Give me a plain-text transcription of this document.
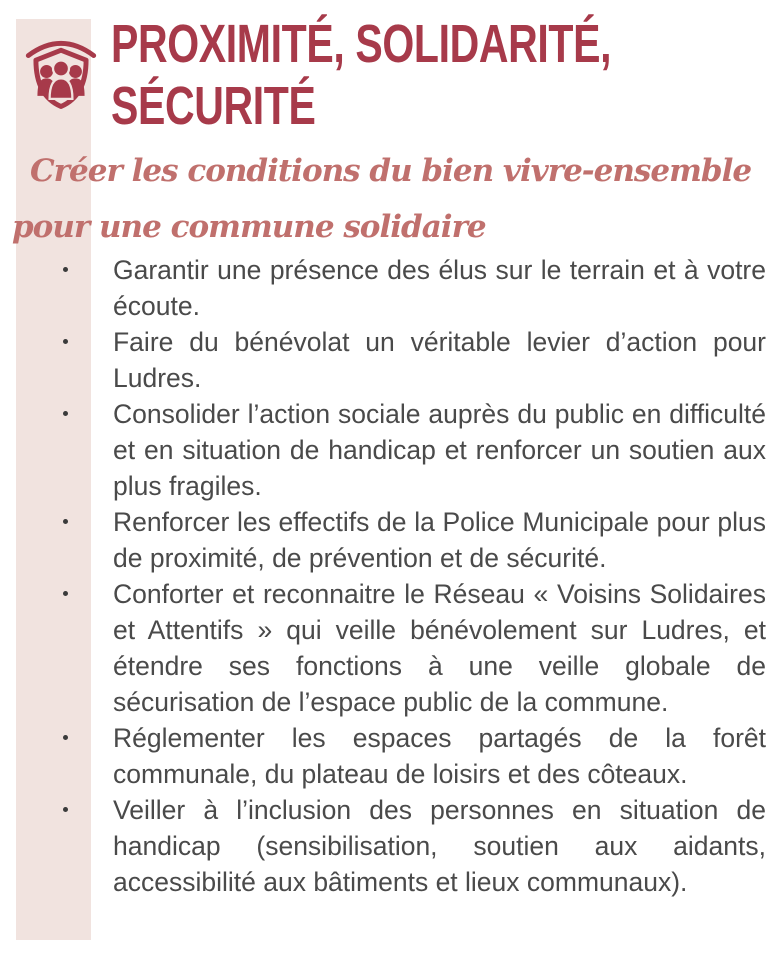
PROXIMITÉ, SOLIDARITÉ,
SÉCURITÉ
Créer les conditions du bien vivre-ensemble
pour une commune solidaire
Garantir une présence des élus sur le terrain et à votre écoute.
Faire du bénévolat un véritable levier d’action pour Ludres.
Consolider l’action sociale auprès du public en difficulté et en situation de handicap et renforcer un soutien aux plus fragiles.
Renforcer les effectifs de la Police Municipale pour plus de proximité, de prévention et de sécurité.
Conforter et reconnaitre le Réseau « Voisins Solidaires et Attentifs » qui veille bénévolement sur Ludres, et étendre ses fonctions à une veille globale de sécurisation de l’espace public de la commune.
Réglementer les espaces partagés de la forêt communale, du plateau de loisirs et des côteaux.
Veiller à l’inclusion des personnes en situation de handicap (sensibilisation, soutien aux aidants, accessibilité aux bâtiments et lieux communaux).
